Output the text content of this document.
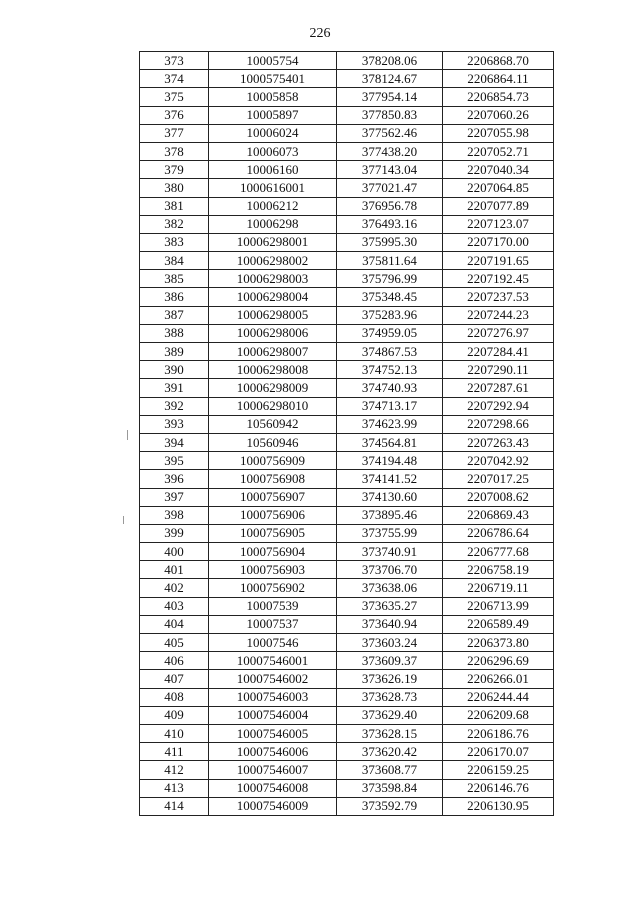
226
373	10005754	378208.06	2206868.70
374	1000575401	378124.67	2206864.11
375	10005858	377954.14	2206854.73
376	10005897	377850.83	2207060.26
377	10006024	377562.46	2207055.98
378	10006073	377438.20	2207052.71
379	10006160	377143.04	2207040.34
380	1000616001	377021.47	2207064.85
381	10006212	376956.78	2207077.89
382	10006298	376493.16	2207123.07
383	10006298001	375995.30	2207170.00
384	10006298002	375811.64	2207191.65
385	10006298003	375796.99	2207192.45
386	10006298004	375348.45	2207237.53
387	10006298005	375283.96	2207244.23
388	10006298006	374959.05	2207276.97
389	10006298007	374867.53	2207284.41
390	10006298008	374752.13	2207290.11
391	10006298009	374740.93	2207287.61
392	10006298010	374713.17	2207292.94
393	10560942	374623.99	2207298.66
394	10560946	374564.81	2207263.43
395	1000756909	374194.48	2207042.92
396	1000756908	374141.52	2207017.25
397	1000756907	374130.60	2207008.62
398	1000756906	373895.46	2206869.43
399	1000756905	373755.99	2206786.64
400	1000756904	373740.91	2206777.68
401	1000756903	373706.70	2206758.19
402	1000756902	373638.06	2206719.11
403	10007539	373635.27	2206713.99
404	10007537	373640.94	2206589.49
405	10007546	373603.24	2206373.80
406	10007546001	373609.37	2206296.69
407	10007546002	373626.19	2206266.01
408	10007546003	373628.73	2206244.44
409	10007546004	373629.40	2206209.68
410	10007546005	373628.15	2206186.76
411	10007546006	373620.42	2206170.07
412	10007546007	373608.77	2206159.25
413	10007546008	373598.84	2206146.76
414	10007546009	373592.79	2206130.95
